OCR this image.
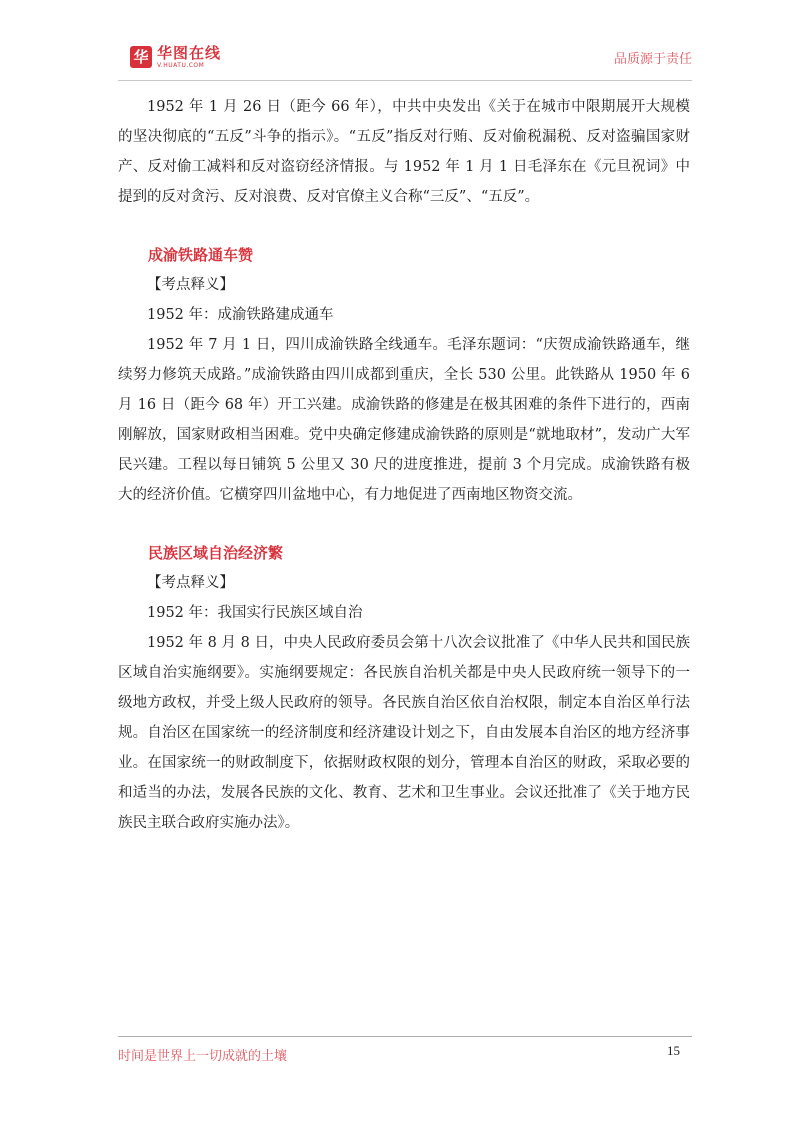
华 华图在线
V.HUATU.COM	品质源于责任

1952 年 1 月 26 日（距今 66 年），中共中央发出《关于在城市中限期展开大规模的坚决彻底的“五反”斗争的指示》。“五反”指反对行贿、反对偷税漏税、反对盗骗国家财产、反对偷工减料和反对盗窃经济情报。与 1952 年 1 月 1 日毛泽东在《元旦祝词》中提到的反对贪污、反对浪费、反对官僚主义合称“三反”、“五反”。

成渝铁路通车赞

【考点释义】

1952 年：成渝铁路建成通车

1952 年 7 月 1 日，四川成渝铁路全线通车。毛泽东题词：“庆贺成渝铁路通车，继续努力修筑天成路。”成渝铁路由四川成都到重庆，全长 530 公里。此铁路从 1950 年 6 月 16 日（距今 68 年）开工兴建。成渝铁路的修建是在极其困难的条件下进行的，西南刚解放，国家财政相当困难。党中央确定修建成渝铁路的原则是“就地取材”，发动广大军民兴建。工程以每日铺筑 5 公里又 30 尺的进度推进，提前 3 个月完成。成渝铁路有极大的经济价值。它横穿四川盆地中心，有力地促进了西南地区物资交流。

民族区域自治经济繁

【考点释义】

1952 年：我国实行民族区域自治

1952 年 8 月 8 日，中央人民政府委员会第十八次会议批准了《中华人民共和国民族区域自治实施纲要》。实施纲要规定：各民族自治机关都是中央人民政府统一领导下的一级地方政权，并受上级人民政府的领导。各民族自治区依自治权限，制定本自治区单行法规。自治区在国家统一的经济制度和经济建设计划之下，自由发展本自治区的地方经济事业。在国家统一的财政制度下，依据财政权限的划分，管理本自治区的财政，采取必要的和适当的办法，发展各民族的文化、教育、艺术和卫生事业。会议还批准了《关于地方民族民主联合政府实施办法》。

时间是世界上一切成就的土壤	15
